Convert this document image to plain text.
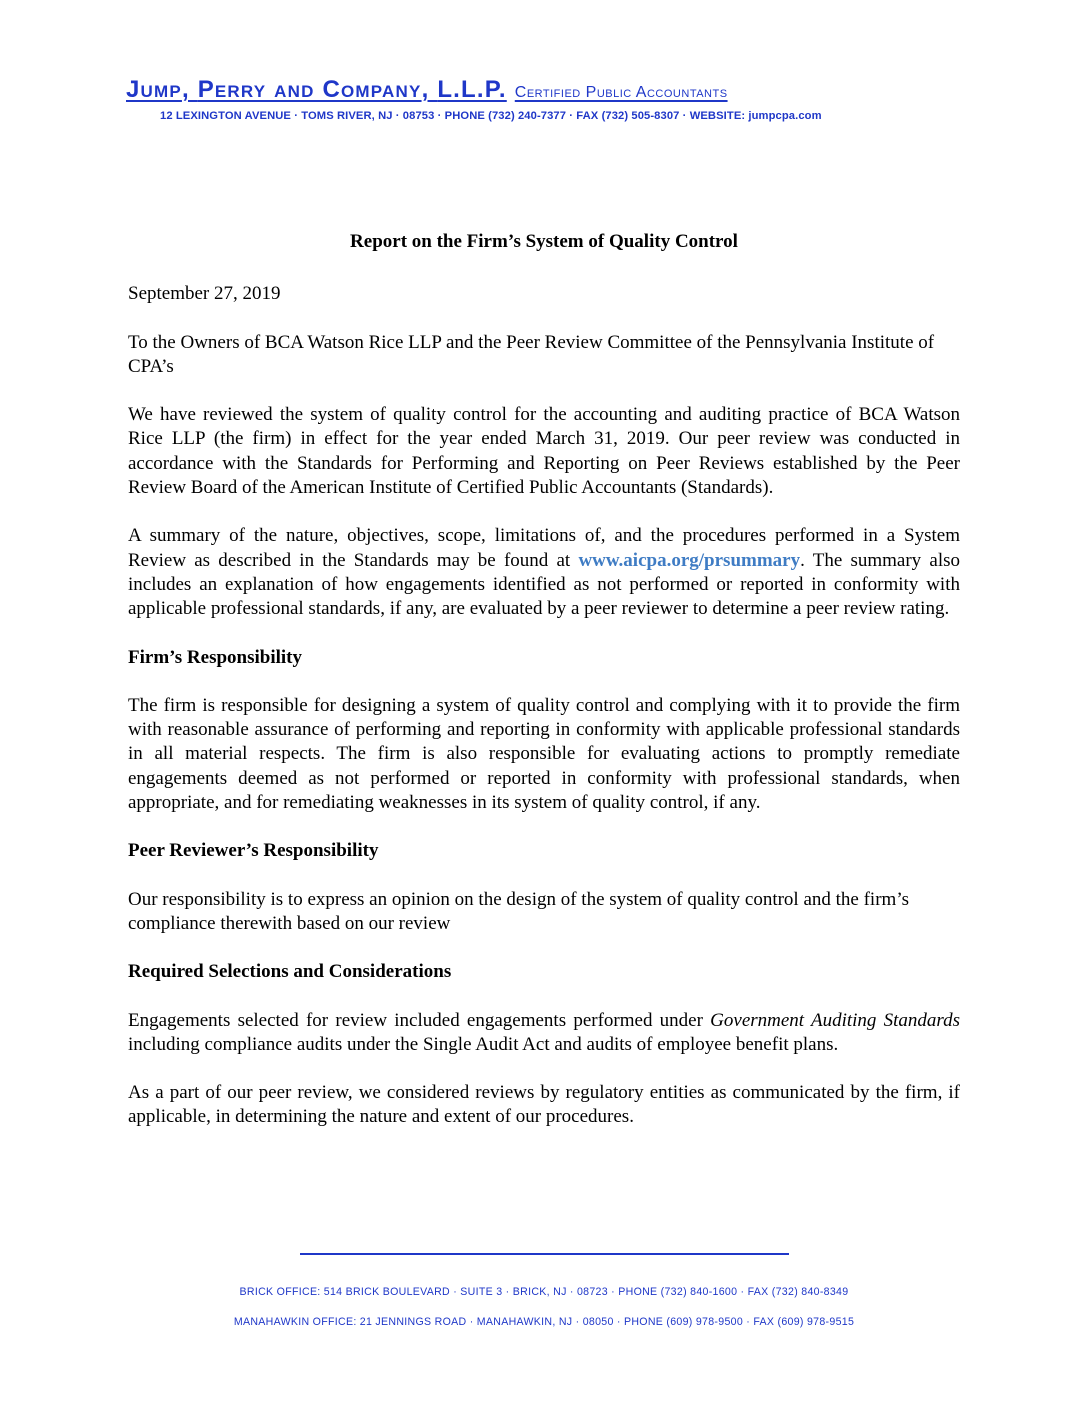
Jump, Perry and Company, L.L.P. Certified Public Accountants
12 LEXINGTON AVENUE · TOMS RIVER, NJ · 08753 · PHONE (732) 240-7377 · FAX (732) 505-8307 · WEBSITE: jumpcpa.com
Report on the Firm’s System of Quality Control

September 27, 2019

To the Owners of BCA Watson Rice LLP and the Peer Review Committee of the Pennsylvania Institute of CPA’s

We have reviewed the system of quality control for the accounting and auditing practice of BCA Watson Rice LLP (the firm) in effect for the year ended March 31, 2019. Our peer review was conducted in accordance with the Standards for Performing and Reporting on Peer Reviews established by the Peer Review Board of the American Institute of Certified Public Accountants (Standards).

A summary of the nature, objectives, scope, limitations of, and the procedures performed in a System Review as described in the Standards may be found at www.aicpa.org/prsummary. The summary also includes an explanation of how engagements identified as not performed or reported in conformity with applicable professional standards, if any, are evaluated by a peer reviewer to determine a peer review rating.

Firm’s Responsibility

The firm is responsible for designing a system of quality control and complying with it to provide the firm with reasonable assurance of performing and reporting in conformity with applicable professional standards in all material respects. The firm is also responsible for evaluating actions to promptly remediate engagements deemed as not performed or reported in conformity with professional standards, when appropriate, and for remediating weaknesses in its system of quality control, if any.

Peer Reviewer’s Responsibility

Our responsibility is to express an opinion on the design of the system of quality control and the firm’s compliance therewith based on our review

Required Selections and Considerations

Engagements selected for review included engagements performed under Government Auditing Standards including compliance audits under the Single Audit Act and audits of employee benefit plans.

As a part of our peer review, we considered reviews by regulatory entities as communicated by the firm, if applicable, in determining the nature and extent of our procedures.

BRICK OFFICE: 514 BRICK BOULEVARD · SUITE 3 · BRICK, NJ · 08723 · PHONE (732) 840-1600 · FAX (732) 840-8349
MANAHAWKIN OFFICE: 21 JENNINGS ROAD · MANAHAWKIN, NJ · 08050 · PHONE (609) 978-9500 · FAX (609) 978-9515
